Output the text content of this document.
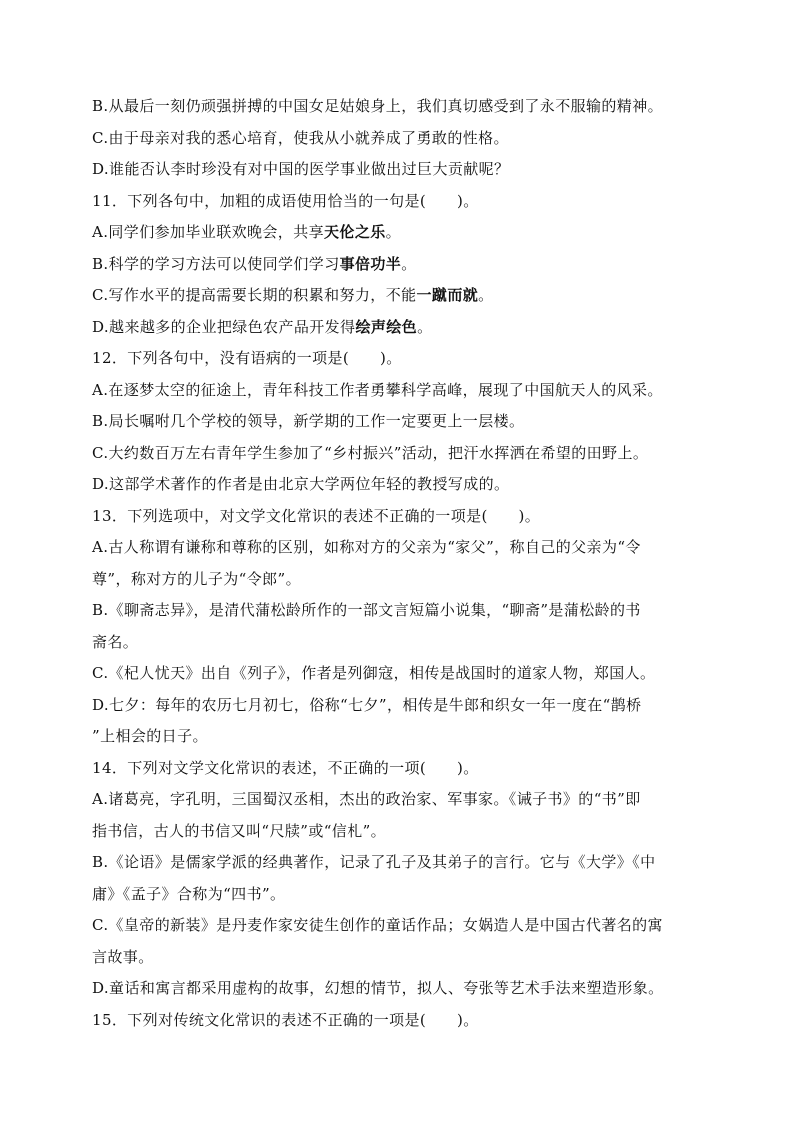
B.从最后一刻仍顽强拼搏的中国女足姑娘身上，我们真切感受到了永不服输的精神。
C.由于母亲对我的悉心培育，使我从小就养成了勇敢的性格。
D.谁能否认李时珍没有对中国的医学事业做出过巨大贡献呢？
11．下列各句中，加粗的成语使用恰当的一句是(　　)。
A.同学们参加毕业联欢晚会，共享天伦之乐。
B.科学的学习方法可以使同学们学习事倍功半。
C.写作水平的提高需要长期的积累和努力，不能一蹴而就。
D.越来越多的企业把绿色农产品开发得绘声绘色。
12．下列各句中，没有语病的一项是(　　)。
A.在逐梦太空的征途上，青年科技工作者勇攀科学高峰，展现了中国航天人的风采。
B.局长嘱咐几个学校的领导，新学期的工作一定要更上一层楼。
C.大约数百万左右青年学生参加了“乡村振兴”活动，把汗水挥洒在希望的田野上。
D.这部学术著作的作者是由北京大学两位年轻的教授写成的。
13．下列选项中，对文学文化常识的表述不正确的一项是(　　)。
A.古人称谓有谦称和尊称的区别，如称对方的父亲为“家父”，称自己的父亲为“令
尊”，称对方的儿子为“令郎”。
B.《聊斋志异》，是清代蒲松龄所作的一部文言短篇小说集，“聊斋”是蒲松龄的书
斋名。
C.《杞人忧天》出自《列子》，作者是列御寇，相传是战国时的道家人物，郑国人。
D.七夕：每年的农历七月初七，俗称“七夕”，相传是牛郎和织女一年一度在“鹊桥
”上相会的日子。
14．下列对文学文化常识的表述，不正确的一项(　　)。
A.诸葛亮，字孔明，三国蜀汉丞相，杰出的政治家、军事家。《诫子书》的“书”即
指书信，古人的书信又叫“尺牍”或“信札”。
B.《论语》是儒家学派的经典著作，记录了孔子及其弟子的言行。它与《大学》《中
庸》《孟子》合称为“四书”。
C.《皇帝的新装》是丹麦作家安徒生创作的童话作品；女娲造人是中国古代著名的寓
言故事。
D.童话和寓言都采用虚构的故事，幻想的情节，拟人、夸张等艺术手法来塑造形象。
15．下列对传统文化常识的表述不正确的一项是(　　)。
